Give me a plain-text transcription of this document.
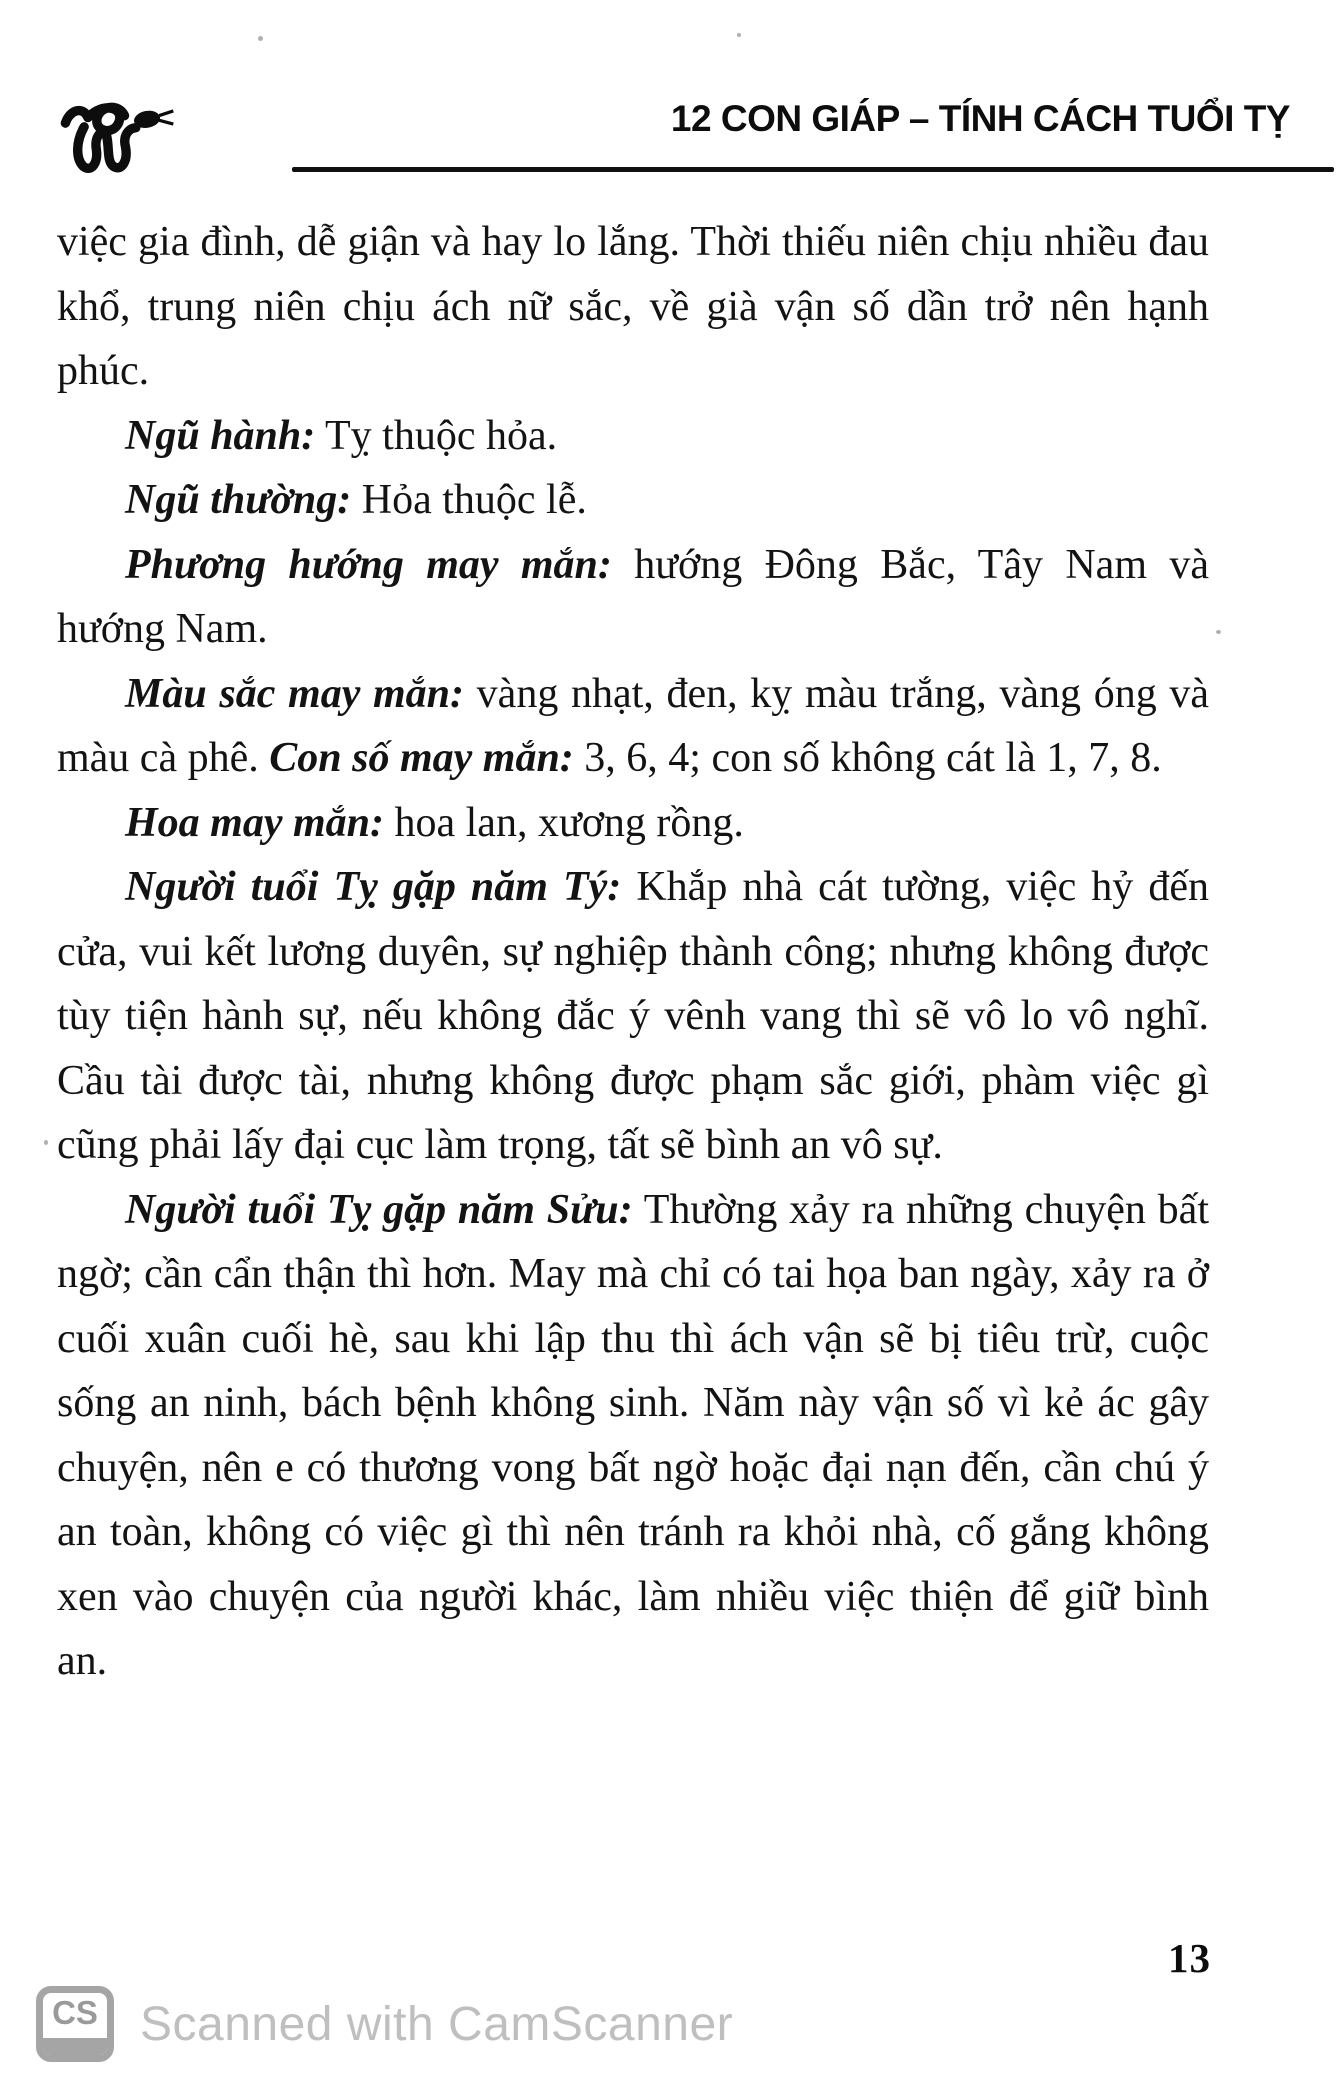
12 CON GIÁP – TÍNH CÁCH TUỔI TỴ

việc gia đình, dễ giận và hay lo lắng. Thời thiếu niên chịu nhiều đau khổ, trung niên chịu ách nữ sắc, về già vận số dần trở nên hạnh phúc.

Ngũ hành: Tỵ thuộc hỏa.

Ngũ thường: Hỏa thuộc lễ.

Phương hướng may mắn: hướng Đông Bắc, Tây Nam và hướng Nam.

Màu sắc may mắn: vàng nhạt, đen, kỵ màu trắng, vàng óng và màu cà phê. Con số may mắn: 3, 6, 4; con số không cát là 1, 7, 8.

Hoa may mắn: hoa lan, xương rồng.

Người tuổi Tỵ gặp năm Tý: Khắp nhà cát tường, việc hỷ đến cửa, vui kết lương duyên, sự nghiệp thành công; nhưng không được tùy tiện hành sự, nếu không đắc ý vênh vang thì sẽ vô lo vô nghĩ. Cầu tài được tài, nhưng không được phạm sắc giới, phàm việc gì cũng phải lấy đại cục làm trọng, tất sẽ bình an vô sự.

Người tuổi Tỵ gặp năm Sửu: Thường xảy ra những chuyện bất ngờ; cần cẩn thận thì hơn. May mà chỉ có tai họa ban ngày, xảy ra ở cuối xuân cuối hè, sau khi lập thu thì ách vận sẽ bị tiêu trừ, cuộc sống an ninh, bách bệnh không sinh. Năm này vận số vì kẻ ác gây chuyện, nên e có thương vong bất ngờ hoặc đại nạn đến, cần chú ý an toàn, không có việc gì thì nên tránh ra khỏi nhà, cố gắng không xen vào chuyện của người khác, làm nhiều việc thiện để giữ bình an.

13
CS Scanned with CamScanner
